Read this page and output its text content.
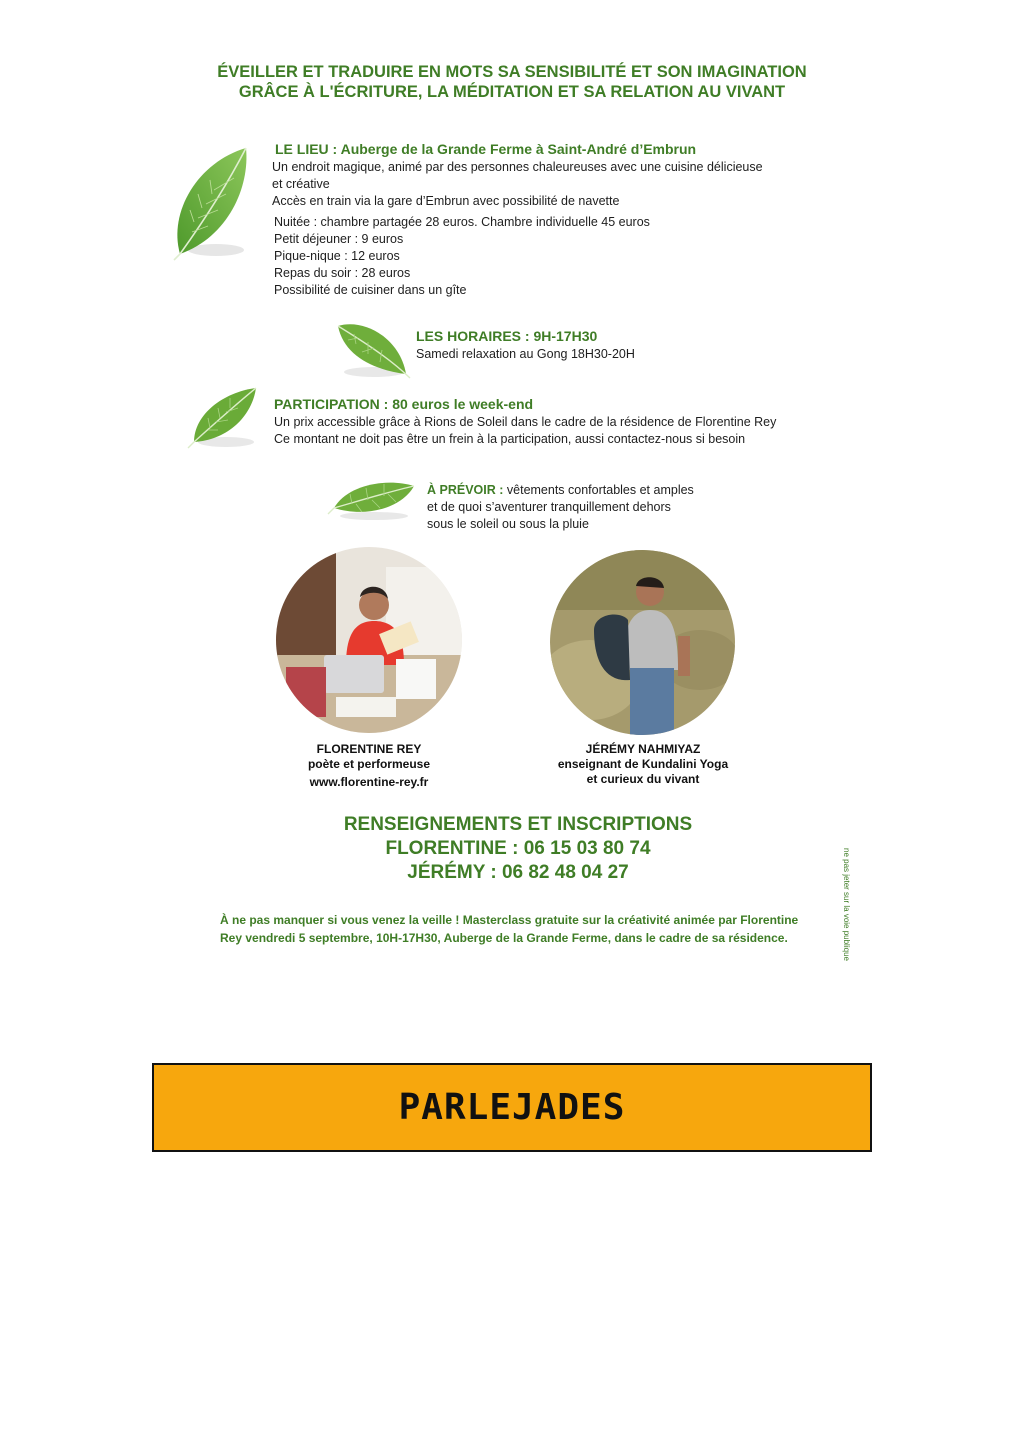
ÉVEILLER ET TRADUIRE EN MOTS SA SENSIBILITÉ ET SON IMAGINATION
GRÂCE À L'ÉCRITURE, LA MÉDITATION ET SA RELATION AU VIVANT
LE LIEU : Auberge de la Grande Ferme à Saint-André d’Embrun
Un endroit magique, animé par des personnes chaleureuses avec une cuisine délicieuse
et créative
Accès en train via la gare d’Embrun avec possibilité de navette
Nuitée : chambre partagée 28 euros. Chambre individuelle 45 euros
Petit déjeuner : 9 euros
Pique-nique : 12 euros
Repas du soir : 28 euros
Possibilité de cuisiner dans un gîte
LES HORAIRES : 9H-17H30
Samedi relaxation au Gong 18H30-20H
PARTICIPATION : 80 euros le week-end
Un prix accessible grâce à Rions de Soleil dans le cadre de la résidence de Florentine Rey
Ce montant ne doit pas être un frein à la participation, aussi contactez-nous si besoin
À PRÉVOIR : vêtements confortables et amples
et de quoi s’aventurer tranquillement dehors
sous le soleil ou sous la pluie
FLORENTINE REY
poète et performeuse
www.florentine-rey.fr
JÉRÉMY NAHMIYAZ
enseignant de Kundalini Yoga
et curieux du vivant
RENSEIGNEMENTS ET INSCRIPTIONS
FLORENTINE : 06 15 03 80 74
JÉRÉMY : 06 82 48 04 27
À ne pas manquer si vous venez la veille ! Masterclass gratuite sur la créativité animée par Florentine
Rey vendredi 5 septembre, 10H-17H30, Auberge de la Grande Ferme, dans le cadre de sa résidence.	ne pas jeter sur la voie publique
PARLEJADES
